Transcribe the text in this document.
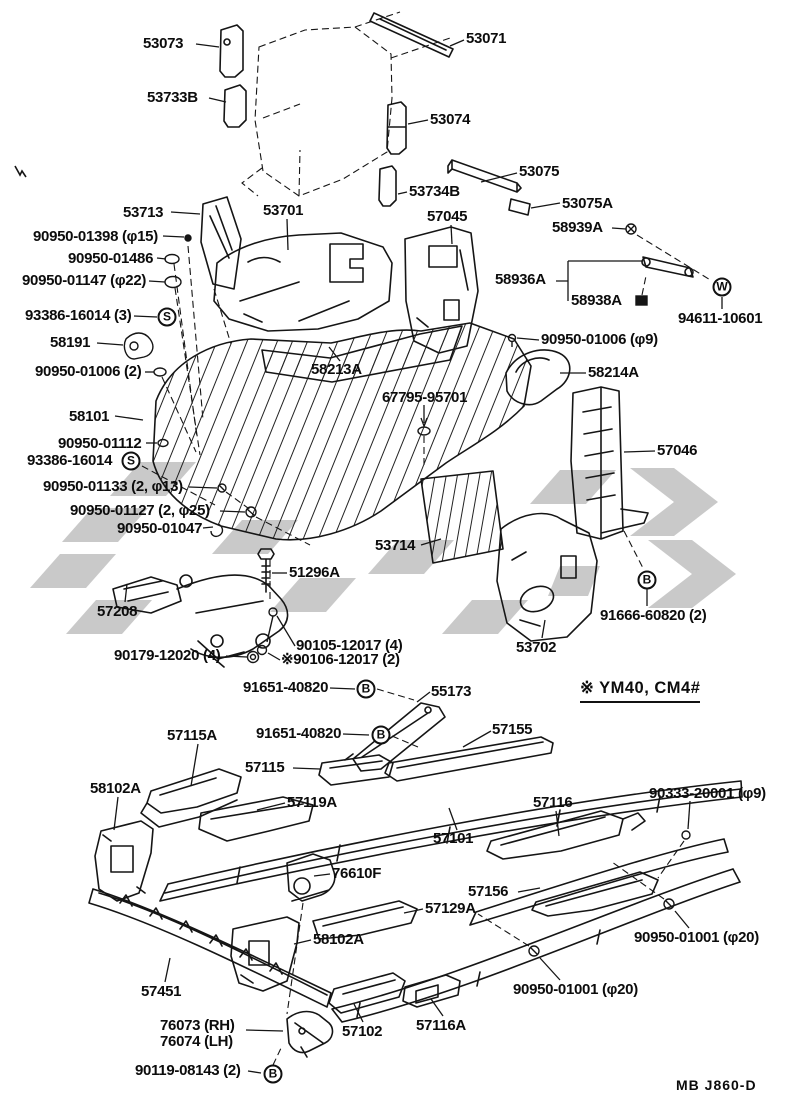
53073	53071
53733B
53074
53075
53734B
53075A
53713	53701	57045
58939A
90950-01398 (φ15)
90950-01486
58936A
90950-01147 (φ22)
58938A
93386-16014 (3)	94611-10601
58191	90950-01006 (φ9)
90950-01006 (2)	58214A
58213A
67795-95701
58101
90950-01112	57046
93386-16014
90950-01133 (2, φ13)
90950-01127 (2, φ25)
90950-01047
53714
51296A
57208	91666-60820 (2)
53702
90179-12020 (4)
90105-12017 (4)
※90106-12017 (2)
91651-40820	55173
57115A	91651-40820	57155
57115
58102A
57119A
90333-20001 (φ9)
57116
57101
76610F
57156
57129A
58102A	90950-01001 (φ20)
57451	90950-01001 (φ20)
76073 (RH)
76074 (LH)
57102 57116A
90119-08143 (2)
S
S
W
B
B
B
B
※ YM40, CM4#
MB J860-D
